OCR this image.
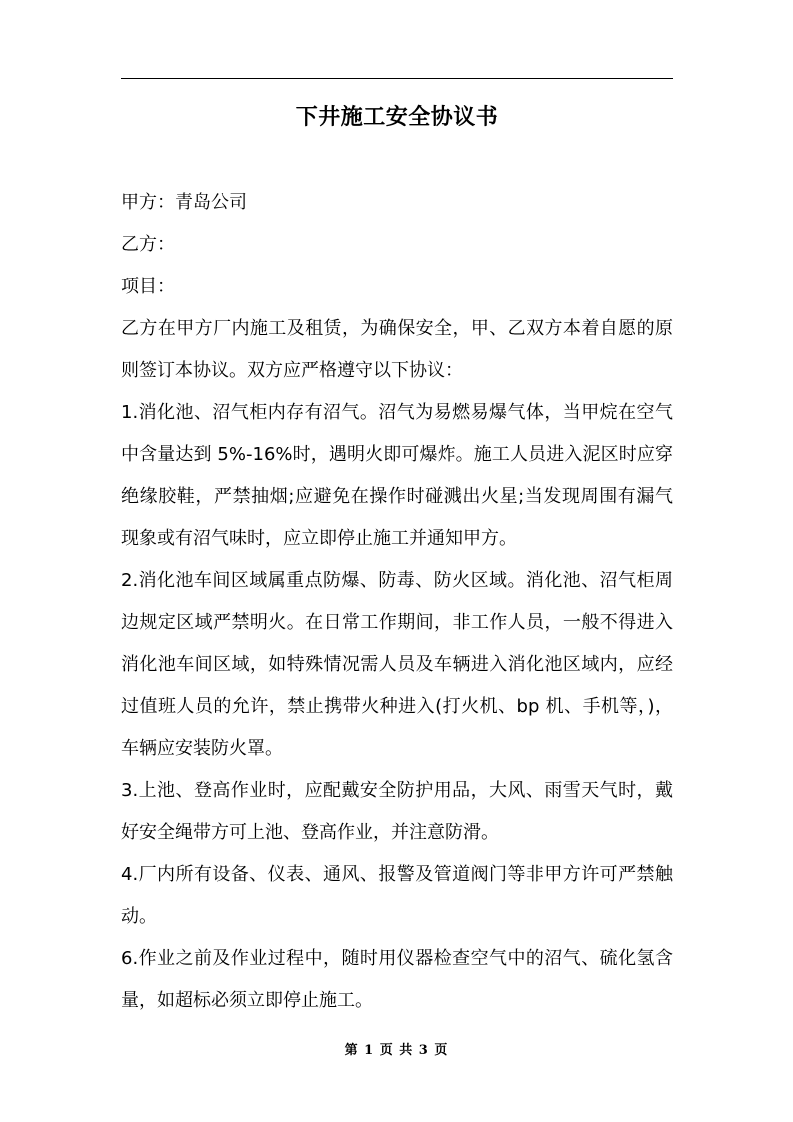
下井施工安全协议书

甲方：青岛公司

乙方：

项目：

乙方在甲方厂内施工及租赁，为确保安全，甲、乙双方本着自愿的原则签订本协议。双方应严格遵守以下协议：

1.消化池、沼气柜内存有沼气。沼气为易燃易爆气体，当甲烷在空气中含量达到 5%-16%时，遇明火即可爆炸。施工人员进入泥区时应穿绝缘胶鞋，严禁抽烟;应避免在操作时碰溅出火星;当发现周围有漏气现象或有沼气味时，应立即停止施工并通知甲方。

2.消化池车间区域属重点防爆、防毒、防火区域。消化池、沼气柜周边规定区域严禁明火。在日常工作期间，非工作人员，一般不得进入消化池车间区域，如特殊情况需人员及车辆进入消化池区域内，应经过值班人员的允许，禁止携带火种进入(打火机、bp 机、手机等，)，车辆应安装防火罩。

3.上池、登高作业时，应配戴安全防护用品，大风、雨雪天气时，戴好安全绳带方可上池、登高作业，并注意防滑。

4.厂内所有设备、仪表、通风、报警及管道阀门等非甲方许可严禁触动。

6.作业之前及作业过程中，随时用仪器检查空气中的沼气、硫化氢含量，如超标必须立即停止施工。

第 1 页 共 3 页
